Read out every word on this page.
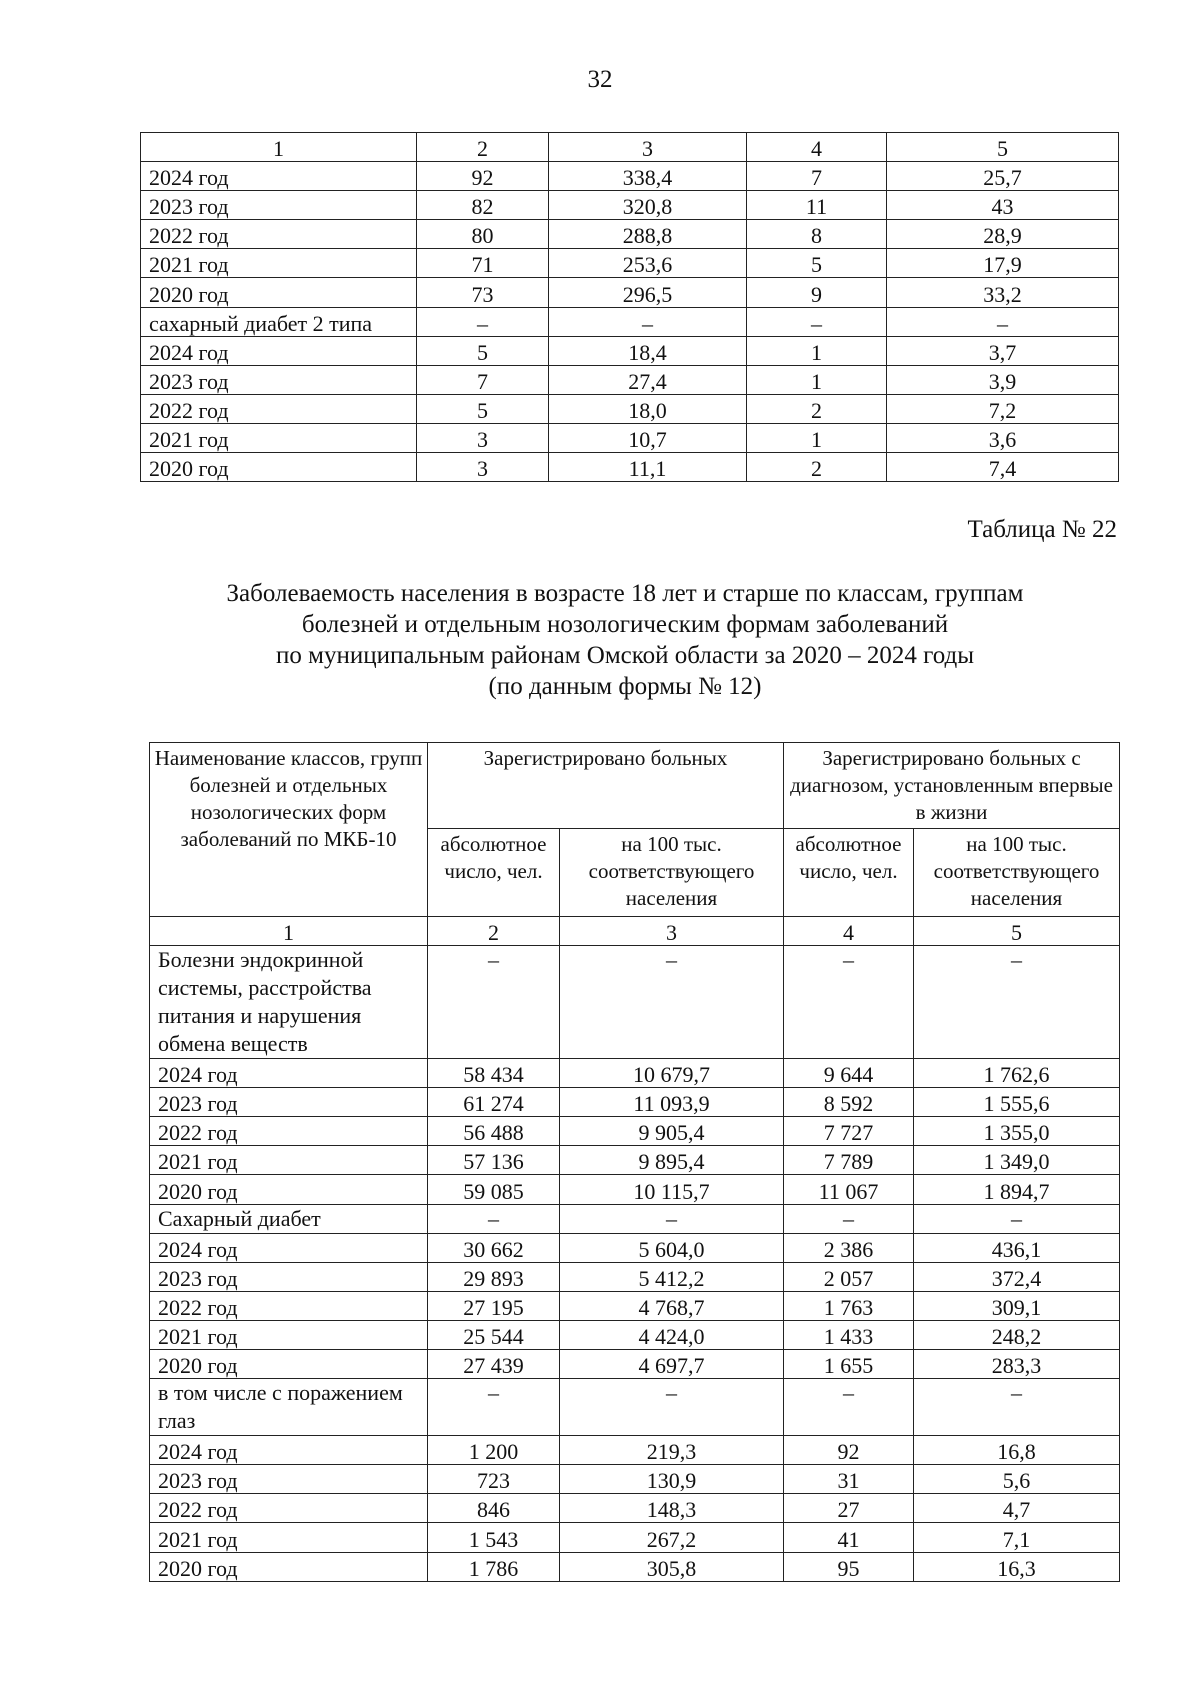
32
1	2	3	4	5
2024 год	92	338,4	7	25,7
2023 год	82	320,8	11	43
2022 год	80	288,8	8	28,9
2021 год	71	253,6	5	17,9
2020 год	73	296,5	9	33,2
сахарный диабет 2 типа	–	–	–	–
2024 год	5	18,4	1	3,7
2023 год	7	27,4	1	3,9
2022 год	5	18,0	2	7,2
2021 год	3	10,7	1	3,6
2020 год	3	11,1	2	7,4
Таблица № 22
Заболеваемость населения в возрасте 18 лет и старше по классам, группам
болезней и отдельным нозологическим формам заболеваний
по муниципальным районам Омской области за 2020 – 2024 годы
(по данным формы № 12)
Наименование классов, групп болезней и отдельных нозологических форм заболеваний по МКБ-10	Зарегистрировано больных		Зарегистрировано больных с диагнозом, установленным впервые в жизни	
	абсолютное число, чел.	на 100 тыс. соответствующего населения	абсолютное число, чел.	на 100 тыс. соответствующего населения
1	2	3	4	5
Болезни эндокринной системы, расстройства питания и нарушения обмена веществ	–	–	–	–
2024 год	58 434	10 679,7	9 644	1 762,6
2023 год	61 274	11 093,9	8 592	1 555,6
2022 год	56 488	9 905,4	7 727	1 355,0
2021 год	57 136	9 895,4	7 789	1 349,0
2020 год	59 085	10 115,7	11 067	1 894,7
Сахарный диабет	–	–	–	–
2024 год	30 662	5 604,0	2 386	436,1
2023 год	29 893	5 412,2	2 057	372,4
2022 год	27 195	4 768,7	1 763	309,1
2021 год	25 544	4 424,0	1 433	248,2
2020 год	27 439	4 697,7	1 655	283,3
в том числе с поражением глаз	–	–	–	–
2024 год	1 200	219,3	92	16,8
2023 год	723	130,9	31	5,6
2022 год	846	148,3	27	4,7
2021 год	1 543	267,2	41	7,1
2020 год	1 786	305,8	95	16,3
